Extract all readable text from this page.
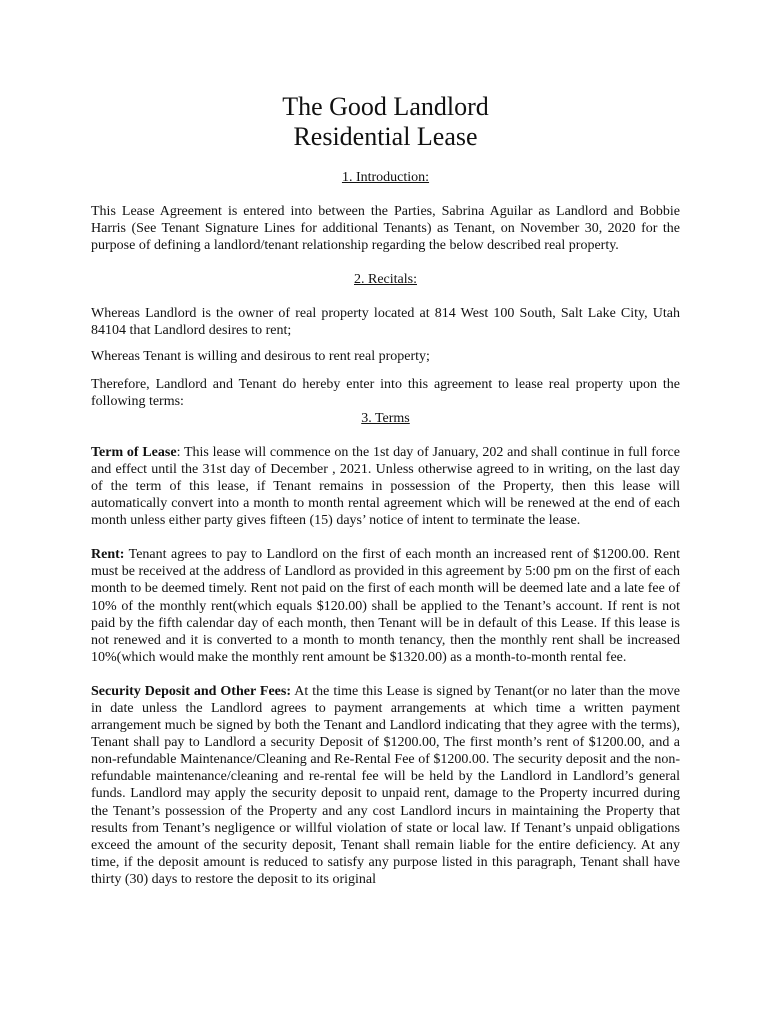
The Good Landlord
Residential Lease
1. Introduction:

This Lease Agreement is entered into between the Parties, Sabrina Aguilar as Landlord and Bobbie Harris (See Tenant Signature Lines for additional Tenants) as Tenant, on November 30, 2020 for the purpose of defining a landlord/tenant relationship regarding the below described real property.

2. Recitals:

Whereas Landlord is the owner of real property located at 814 West 100 South, Salt Lake City, Utah 84104 that Landlord desires to rent;

Whereas Tenant is willing and desirous to rent real property;

Therefore, Landlord and Tenant do hereby enter into this agreement to lease real property upon the following terms:

3. Terms

Term of Lease: This lease will commence on the 1st day of January, 202 and shall continue in full force and effect until the 31st day of December , 2021. Unless otherwise agreed to in writing, on the last day of the term of this lease, if Tenant remains in possession of the Property, then this lease will automatically convert into a month to month rental agreement which will be renewed at the end of each month unless either party gives fifteen (15) days’ notice of intent to terminate the lease.

Rent: Tenant agrees to pay to Landlord on the first of each month an increased rent of $1200.00. Rent must be received at the address of Landlord as provided in this agreement by 5:00 pm on the first of each month to be deemed timely. Rent not paid on the first of each month will be deemed late and a late fee of 10% of the monthly rent(which equals $120.00) shall be applied to the Tenant’s account. If rent is not paid by the fifth calendar day of each month, then Tenant will be in default of this Lease. If this lease is not renewed and it is converted to a month to month tenancy, then the monthly rent shall be increased 10%(which would make the monthly rent amount be $1320.00) as a month-to-month rental fee.

Security Deposit and Other Fees: At the time this Lease is signed by Tenant(or no later than the move in date unless the Landlord agrees to payment arrangements at which time a written payment arrangement much be signed by both the Tenant and Landlord indicating that they agree with the terms), Tenant shall pay to Landlord a security Deposit of $1200.00, The first month’s rent of $1200.00, and a non-refundable Maintenance/Cleaning and Re-Rental Fee of $1200.00. The security deposit and the non-refundable maintenance/cleaning and re-rental fee will be held by the Landlord in Landlord’s general funds. Landlord may apply the security deposit to unpaid rent, damage to the Property incurred during the Tenant’s possession of the Property and any cost Landlord incurs in maintaining the Property that results from Tenant’s negligence or willful violation of state or local law. If Tenant’s unpaid obligations exceed the amount of the security deposit, Tenant shall remain liable for the entire deficiency. At any time, if the deposit amount is reduced to satisfy any purpose listed in this paragraph, Tenant shall have thirty (30) days to restore the deposit to its original
